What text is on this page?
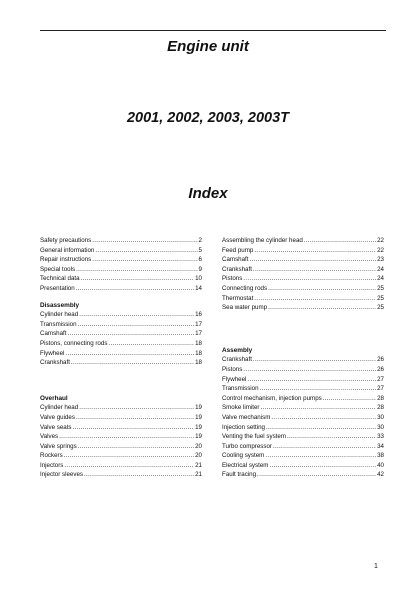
Engine unit
2001, 2002, 2003, 2003T
Index
Safety precautions .....	2
General information .....	5
Repair instructions .....	6
Special tools .....	9
Technical data .....	10
Presentation .....	14
Disassembly
Cylinder head .....	16
Transmission .....	17
Camshaft .....	17
Pistons, connecting rods .....	18
Flywheel .....	18
Crankshaft .....	18
Overhaul
Cylinder head .....	19
Valve guides .....	19
Valve seats .....	19
Valves .....	19
Valve springs .....	20
Rockers .....	20
Injectors .....	21
Injector sleeves .....	21
Assembling the cylinder head .....	22
Feed pump .....	22
Camshaft .....	23
Crankshaft .....	24
Pistons .....	24
Connecting rods .....	25
Thermostat .....	25
Sea water pump .....	25
Assembly
Crankshaft .....	26
Pistons .....	26
Flywheel .....	27
Transmission .....	27
Control mechanism, injection pumps .....	28
Smoke limiter .....	28
Valve mechanism .....	30
Injection setting .....	30
Venting the fuel system .....	33
Turbo compressor .....	34
Cooling system .....	38
Electrical system .....	40
Fault tracing .....	42
1
